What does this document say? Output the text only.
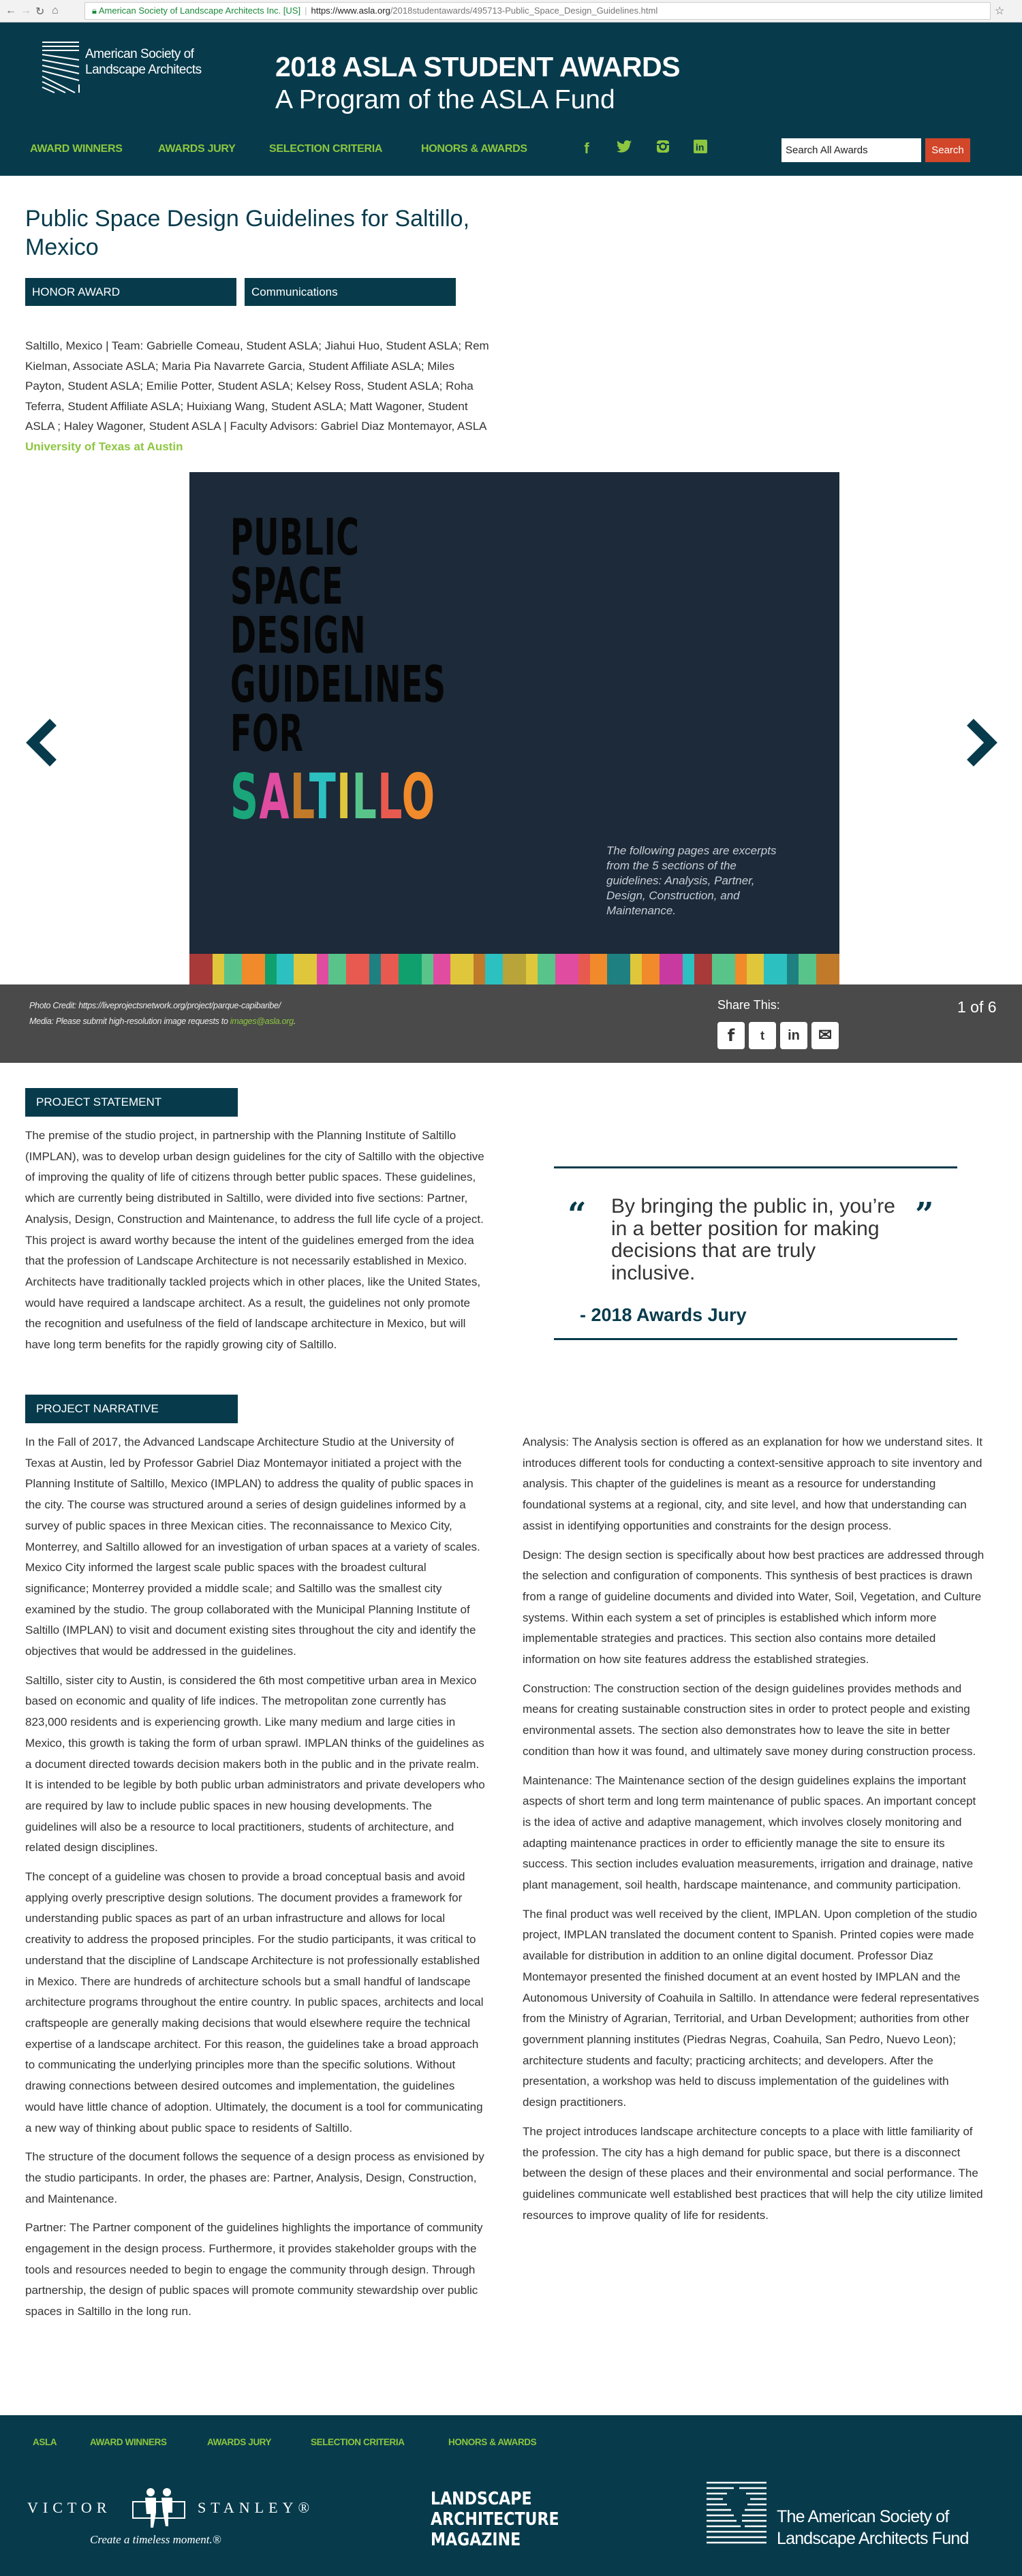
← → ↻ ⌂	🔒︎ American Society of Landscape Architects Inc. [US] | https://www.asla.org/2018studentawards/495713-Public_Space_Design_Guidelines.html	☆
American Society of
Landscape Architects	2018 ASLA STUDENT AWARDS
A Program of the ASLA Fund
AWARD WINNERS	AWARDS JURY	SELECTION CRITERIA	HONORS & AWARDS	f	in
Search All Awards	Search
Public Space Design Guidelines for Saltillo, Mexico
HONOR AWARD	Communications
Saltillo, Mexico | Team: Gabrielle Comeau, Student ASLA; Jiahui Huo, Student ASLA; Rem Kielman, Associate ASLA; Maria Pia Navarrete Garcia, Student Affiliate ASLA; Miles Payton, Student ASLA; Emilie Potter, Student ASLA; Kelsey Ross, Student ASLA; Roha Teferra, Student Affiliate ASLA; Huixiang Wang, Student ASLA; Matt Wagoner, Student ASLA ; Haley Wagoner, Student ASLA | Faculty Advisors: Gabriel Diaz Montemayor, ASLA
University of Texas at Austin
PUBLIC
SPACE
DESIGN
GUIDELINES
FOR
SALTILLO
The following pages are excerpts from the 5 sections of the guidelines: Analysis, Partner, Design, Construction, and Maintenance.
Photo Credit: https://liveprojectsnetwork.org/project/parque-capibaribe/
Media: Please submit high-resolution image requests to images@asla.org.
Share This:
f	t	in	✉
1 of 6
PROJECT STATEMENT

The premise of the studio project, in partnership with the Planning Institute of Saltillo (IMPLAN), was to develop urban design guidelines for the city of Saltillo with the objective of improving the quality of life of citizens through better public spaces. These guidelines, which are currently being distributed in Saltillo, were divided into five sections: Partner, Analysis, Design, Construction and Maintenance, to address the full life cycle of a project. This project is award worthy because the intent of the guidelines emerged from the idea that the profession of Landscape Architecture is not necessarily established in Mexico. Architects have traditionally tackled projects which in other places, like the United States, would have required a landscape architect. As a result, the guidelines not only promote the recognition and usefulness of the field of landscape architecture in Mexico, but will have long term benefits for the rapidly growing city of Saltillo.

“ By bringing the public in, you’re in a better position for making decisions that are truly inclusive.
”
- 2018 Awards Jury
PROJECT NARRATIVE

In the Fall of 2017, the Advanced Landscape Architecture Studio at the University of Texas at Austin, led by Professor Gabriel Diaz Montemayor initiated a project with the Planning Institute of Saltillo, Mexico (IMPLAN) to address the quality of public spaces in the city. The course was structured around a series of design guidelines informed by a survey of public spaces in three Mexican cities. The reconnaissance to Mexico City, Monterrey, and Saltillo allowed for an investigation of urban spaces at a variety of scales. Mexico City informed the largest scale public spaces with the broadest cultural significance; Monterrey provided a middle scale; and Saltillo was the smallest city examined by the studio. The group collaborated with the Municipal Planning Institute of Saltillo (IMPLAN) to visit and document existing sites throughout the city and identify the objectives that would be addressed in the guidelines.

Saltillo, sister city to Austin, is considered the 6th most competitive urban area in Mexico based on economic and quality of life indices. The metropolitan zone currently has 823,000 residents and is experiencing growth. Like many medium and large cities in Mexico, this growth is taking the form of urban sprawl. IMPLAN thinks of the guidelines as a document directed towards decision makers both in the public and in the private realm. It is intended to be legible by both public urban administrators and private developers who are required by law to include public spaces in new housing developments. The guidelines will also be a resource to local practitioners, students of architecture, and related design disciplines.

The concept of a guideline was chosen to provide a broad conceptual basis and avoid applying overly prescriptive design solutions. The document provides a framework for understanding public spaces as part of an urban infrastructure and allows for local creativity to address the proposed principles. For the studio participants, it was critical to understand that the discipline of Landscape Architecture is not professionally established in Mexico. There are hundreds of architecture schools but a small handful of landscape architecture programs throughout the entire country. In public spaces, architects and local craftspeople are generally making decisions that would elsewhere require the technical expertise of a landscape architect. For this reason, the guidelines take a broad approach to communicating the underlying principles more than the specific solutions. Without drawing connections between desired outcomes and implementation, the guidelines would have little chance of adoption. Ultimately, the document is a tool for communicating a new way of thinking about public space to residents of Saltillo.

The structure of the document follows the sequence of a design process as envisioned by the studio participants. In order, the phases are: Partner, Analysis, Design, Construction, and Maintenance.

Partner: The Partner component of the guidelines highlights the importance of community engagement in the design process. Furthermore, it provides stakeholder groups with the tools and resources needed to begin to engage the community through design. Through partnership, the design of public spaces will promote community stewardship over public spaces in Saltillo in the long run.

Analysis: The Analysis section is offered as an explanation for how we understand sites. It introduces different tools for conducting a context-sensitive approach to site inventory and analysis. This chapter of the guidelines is meant as a resource for understanding foundational systems at a regional, city, and site level, and how that understanding can assist in identifying opportunities and constraints for the design process.

Design: The design section is specifically about how best practices are addressed through the selection and configuration of components. This synthesis of best practices is drawn from a range of guideline documents and divided into Water, Soil, Vegetation, and Culture systems. Within each system a set of principles is established which inform more implementable strategies and practices. This section also contains more detailed information on how site features address the established strategies.

Construction: The construction section of the design guidelines provides methods and means for creating sustainable construction sites in order to protect people and existing environmental assets. The section also demonstrates how to leave the site in better condition than how it was found, and ultimately save money during construction process.

Maintenance: The Maintenance section of the design guidelines explains the important aspects of short term and long term maintenance of public spaces. An important concept is the idea of active and adaptive management, which involves closely monitoring and adapting maintenance practices in order to efficiently manage the site to ensure its success. This section includes evaluation measurements, irrigation and drainage, native plant management, soil health, hardscape maintenance, and community participation.

The final product was well received by the client, IMPLAN. Upon completion of the studio project, IMPLAN translated the document content to Spanish. Printed copies were made available for distribution in addition to an online digital document. Professor Diaz Montemayor presented the finished document at an event hosted by IMPLAN and the Autonomous University of Coahuila in Saltillo. In attendance were federal representatives from the Ministry of Agrarian, Territorial, and Urban Development; authorities from other government planning institutes (Piedras Negras, Coahuila, San Pedro, Nuevo Leon); architecture students and faculty; practicing architects; and developers. After the presentation, a workshop was held to discuss implementation of the guidelines with design practitioners.

The project introduces landscape architecture concepts to a place with little familiarity of the profession. The city has a high demand for public space, but there is a disconnect between the design of these places and their environmental and social performance. The guidelines communicate well established best practices that will help the city utilize limited resources to improve quality of life for residents.

ASLA	AWARD WINNERS	AWARDS JURY	SELECTION CRITERIA	HONORS & AWARDS
VICTOR	STANLEY®
Create a timeless moment.®
LANDSCAPE
ARCHITECTURE
MAGAZINE
The American Society of
Landscape Architects Fund
